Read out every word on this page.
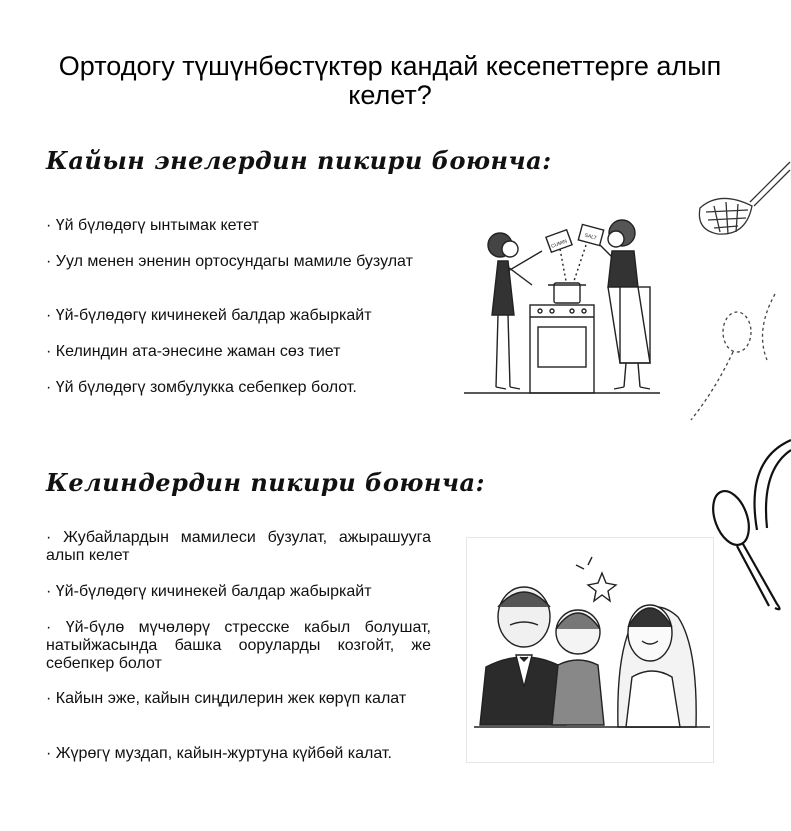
Ортодогу түшүнбөстүктөр кандай кесепеттерге алып келет?
Кайын энелердин пикири боюнча:

· Үй бүлөдөгү ынтымак кетет

· Уул менен эненин ортосундагы мамиле бузулат

· Үй-бүлөдөгү кичинекей балдар жабыркайт

· Келиндин ата-энесине жаман сөз тиет

· Үй бүлөдөгү зомбулукка себепкер болот.

Келиндердин пикири боюнча:

· Жубайлардын мамилеси бузулат, ажырашууга алып келет

· Үй-бүлөдөгү кичинекей балдар жабыркайт

· Үй-бүлө мүчөлөрү стресске кабыл болушат, натыйжасында башка ооруларды козгойт, же себепкер болот

· Кайын эже, кайын сиңдилерин жек көрүп калат

· Жүрөгү муздап, кайын-журтуна күйбөй калат.

CUMIN
SALT
